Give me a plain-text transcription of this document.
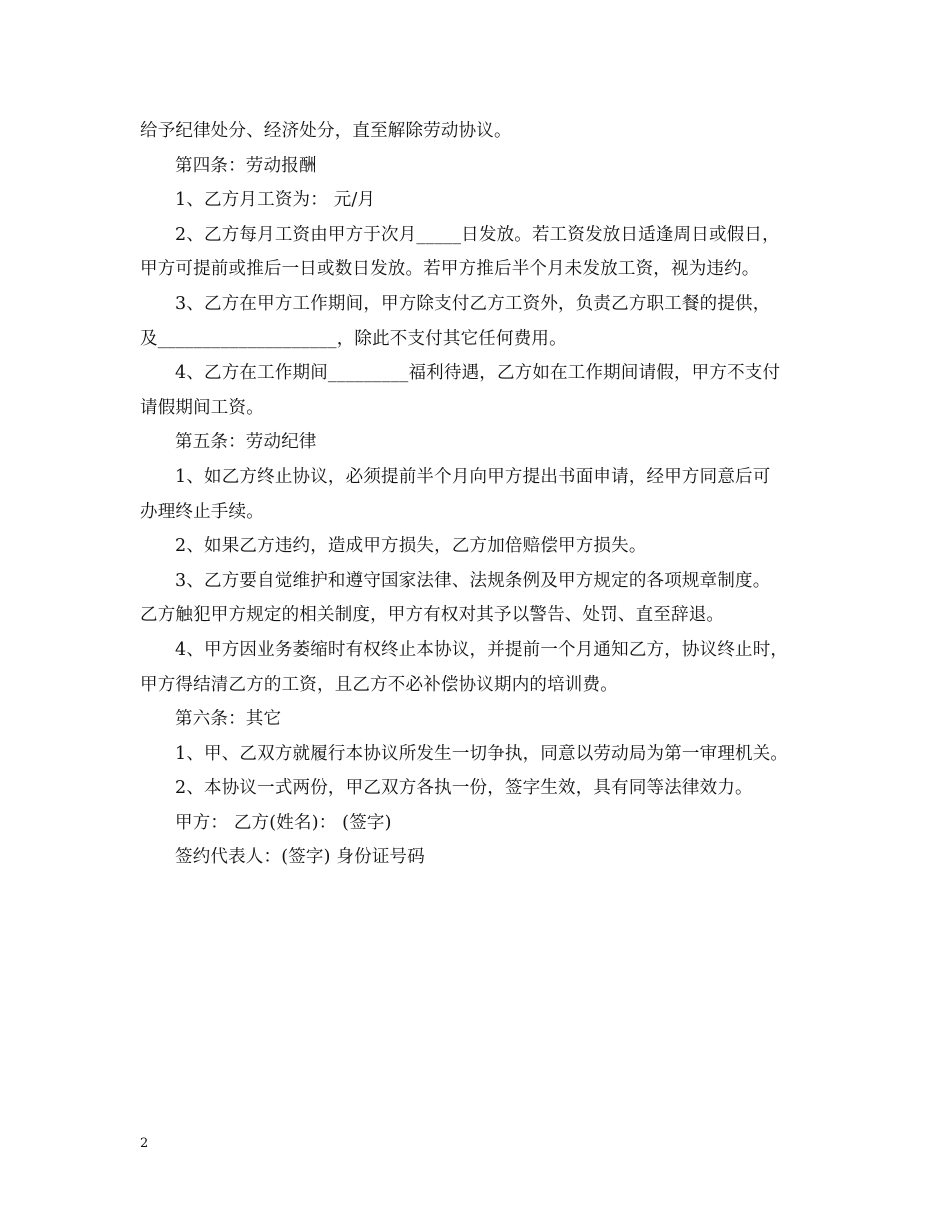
给予纪律处分、经济处分，直至解除劳动协议。
第四条：劳动报酬
1、乙方月工资为： 元/月
2、乙方每月工资由甲方于次月_____日发放。若工资发放日适逢周日或假日，
甲方可提前或推后一日或数日发放。若甲方推后半个月未发放工资，视为违约。
3、乙方在甲方工作期间，甲方除支付乙方工资外，负责乙方职工餐的提供，
及____________________，除此不支付其它任何费用。
4、乙方在工作期间_________福利待遇，乙方如在工作期间请假，甲方不支付
请假期间工资。
第五条：劳动纪律
1、如乙方终止协议，必须提前半个月向甲方提出书面申请，经甲方同意后可
办理终止手续。
2、如果乙方违约，造成甲方损失，乙方加倍赔偿甲方损失。
3、乙方要自觉维护和遵守国家法律、法规条例及甲方规定的各项规章制度。
乙方触犯甲方规定的相关制度，甲方有权对其予以警告、处罚、直至辞退。
4、甲方因业务萎缩时有权终止本协议，并提前一个月通知乙方，协议终止时，
甲方得结清乙方的工资，且乙方不必补偿协议期内的培训费。
第六条：其它
1、甲、乙双方就履行本协议所发生一切争执，同意以劳动局为第一审理机关。
2、本协议一式两份，甲乙双方各执一份，签字生效，具有同等法律效力。
甲方： 乙方(姓名)： (签字)
签约代表人：(签字) 身份证号码
2
